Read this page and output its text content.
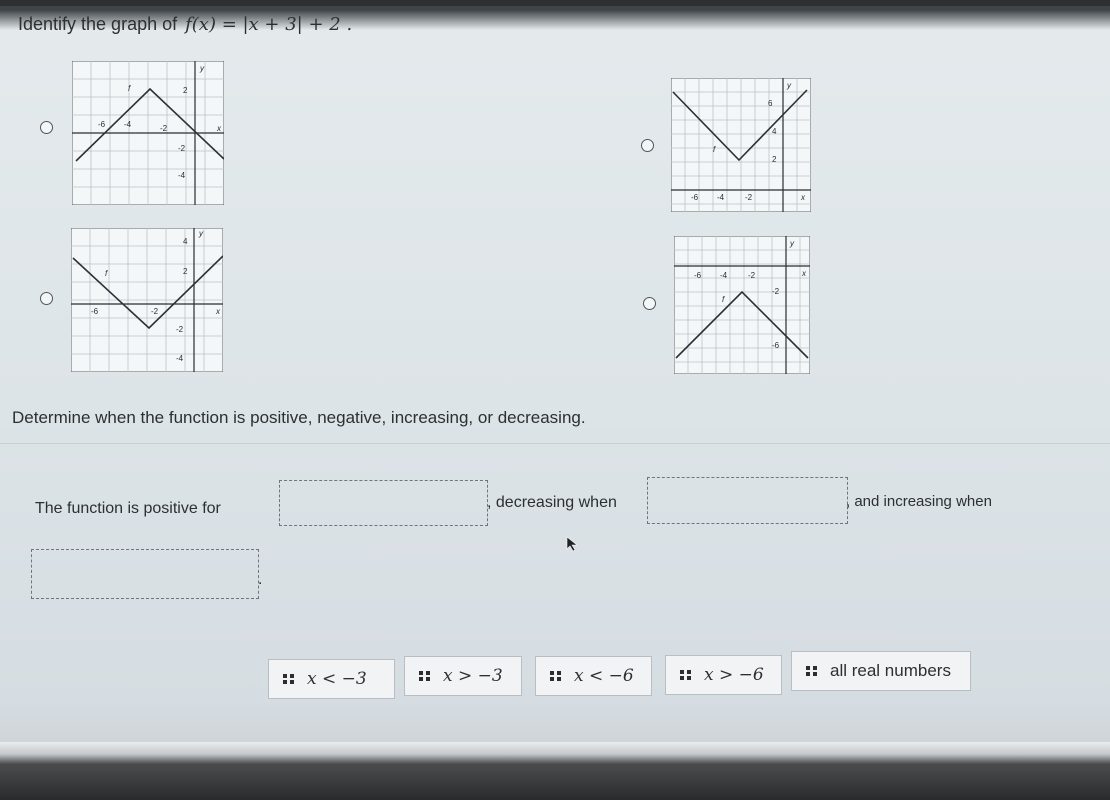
Identify the graph of f(x) = |x + 3| + 2 .
-6 -4	-2
2
-2
-4
x
y
f
6
4
2
-6 -4	-2	x
y
f
4
2
-6	-2
-2
-4
x
y
f	-6 -4	-2
-2
-6
x
y
f
Determine when the function is positive, negative, increasing, or decreasing.
The function is positive for	, decreasing when	, and increasing when
.
x < −3	x > −3	x < −6	x > −6	all real numbers
